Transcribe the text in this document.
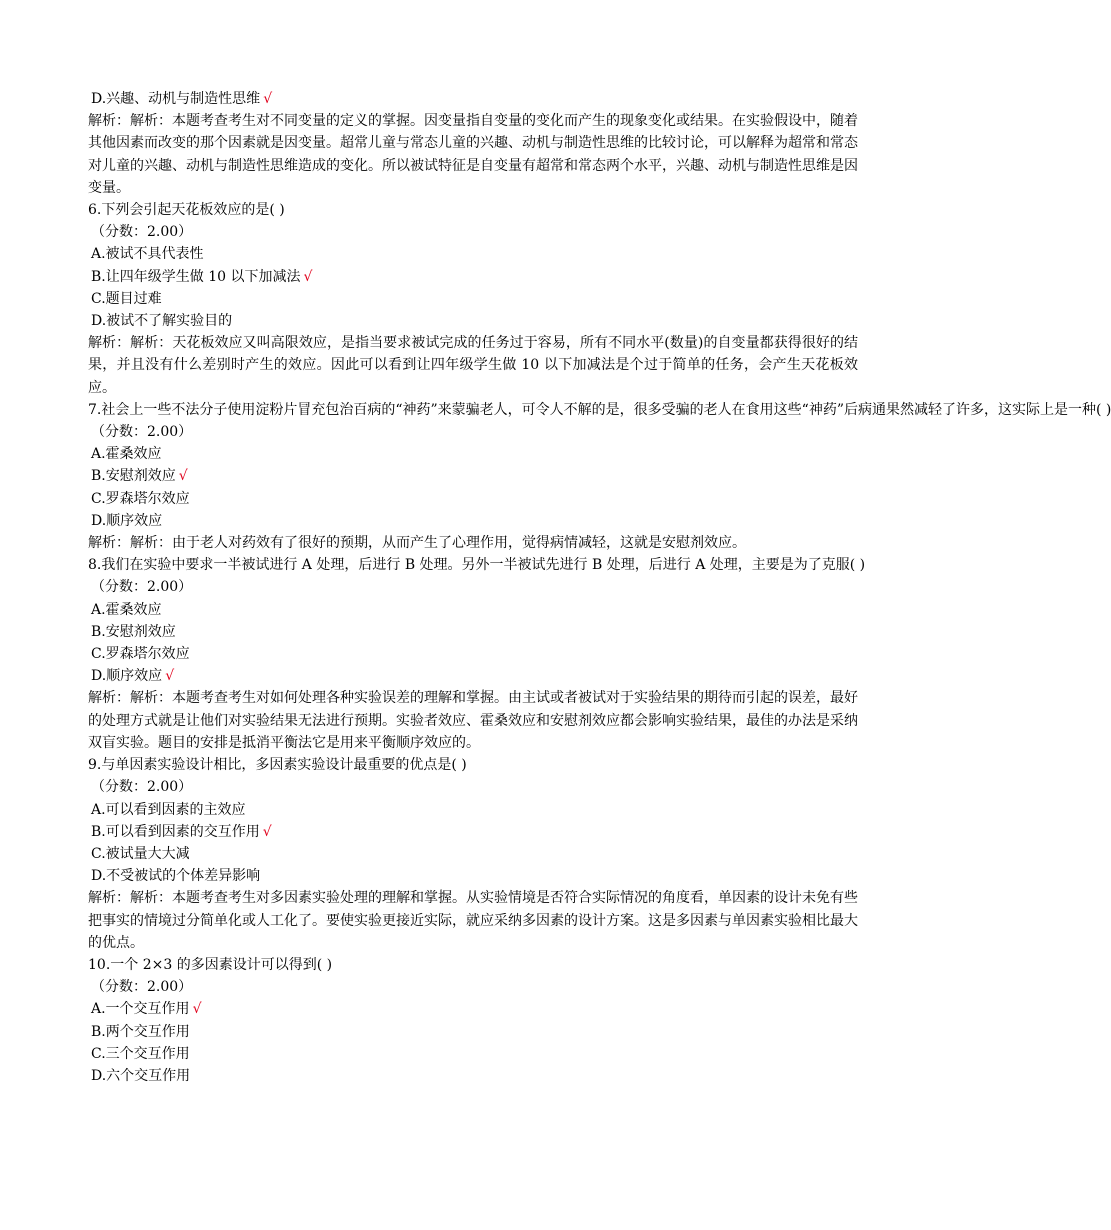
D.兴趣、动机与制造性思维 √
解析：解析：本题考查考生对不同变量的定义的掌握。因变量指自变量的变化而产生的现象变化或结果。在实验假设中，随着其他因素而改变的那个因素就是因变量。超常儿童与常态儿童的兴趣、动机与制造性思维的比较讨论，可以解释为超常和常态对儿童的兴趣、动机与制造性思维造成的变化。所以被试特征是自变量有超常和常态两个水平，兴趣、动机与制造性思维是因变量。
6.下列会引起天花板效应的是( )
（分数：2.00）
A.被试不具代表性
B.让四年级学生做 10 以下加减法 √
C.题目过难
D.被试不了解实验目的
解析：解析：天花板效应又叫高限效应，是指当要求被试完成的任务过于容易，所有不同水平(数量)的自变量都获得很好的结果，并且没有什么差别时产生的效应。因此可以看到让四年级学生做 10 以下加减法是个过于简单的任务，会产生天花板效应。
7.社会上一些不法分子使用淀粉片冒充包治百病的“神药”来蒙骗老人，可令人不解的是，很多受骗的老人在食用这些“神药”后病通果然减轻了许多，这实际上是一种( )
（分数：2.00）
A.霍桑效应
B.安慰剂效应 √
C.罗森塔尔效应
D.顺序效应
解析：解析：由于老人对药效有了很好的预期，从而产生了心理作用，觉得病情减轻，这就是安慰剂效应。
8.我们在实验中要求一半被试进行 A 处理，后进行 B 处理。另外一半被试先进行 B 处理，后进行 A 处理，主要是为了克服( )
（分数：2.00）
A.霍桑效应
B.安慰剂效应
C.罗森塔尔效应
D.顺序效应 √
解析：解析：本题考查考生对如何处理各种实验误差的理解和掌握。由主试或者被试对于实验结果的期待而引起的误差，最好的处理方式就是让他们对实验结果无法进行预期。实验者效应、霍桑效应和安慰剂效应都会影响实验结果，最佳的办法是采纳双盲实验。题目的安排是抵消平衡法它是用来平衡顺序效应的。
9.与单因素实验设计相比，多因素实验设计最重要的优点是( )
（分数：2.00）
A.可以看到因素的主效应
B.可以看到因素的交互作用 √
C.被试量大大减
D.不受被试的个体差异影响
解析：解析：本题考查考生对多因素实验处理的理解和掌握。从实验情境是否符合实际情况的角度看，单因素的设计未免有些把事实的情境过分简单化或人工化了。要使实验更接近实际，就应采纳多因素的设计方案。这是多因素与单因素实验相比最大的优点。
10.一个 2×3 的多因素设计可以得到( )
（分数：2.00）
A.一个交互作用 √
B.两个交互作用
C.三个交互作用
D.六个交互作用
